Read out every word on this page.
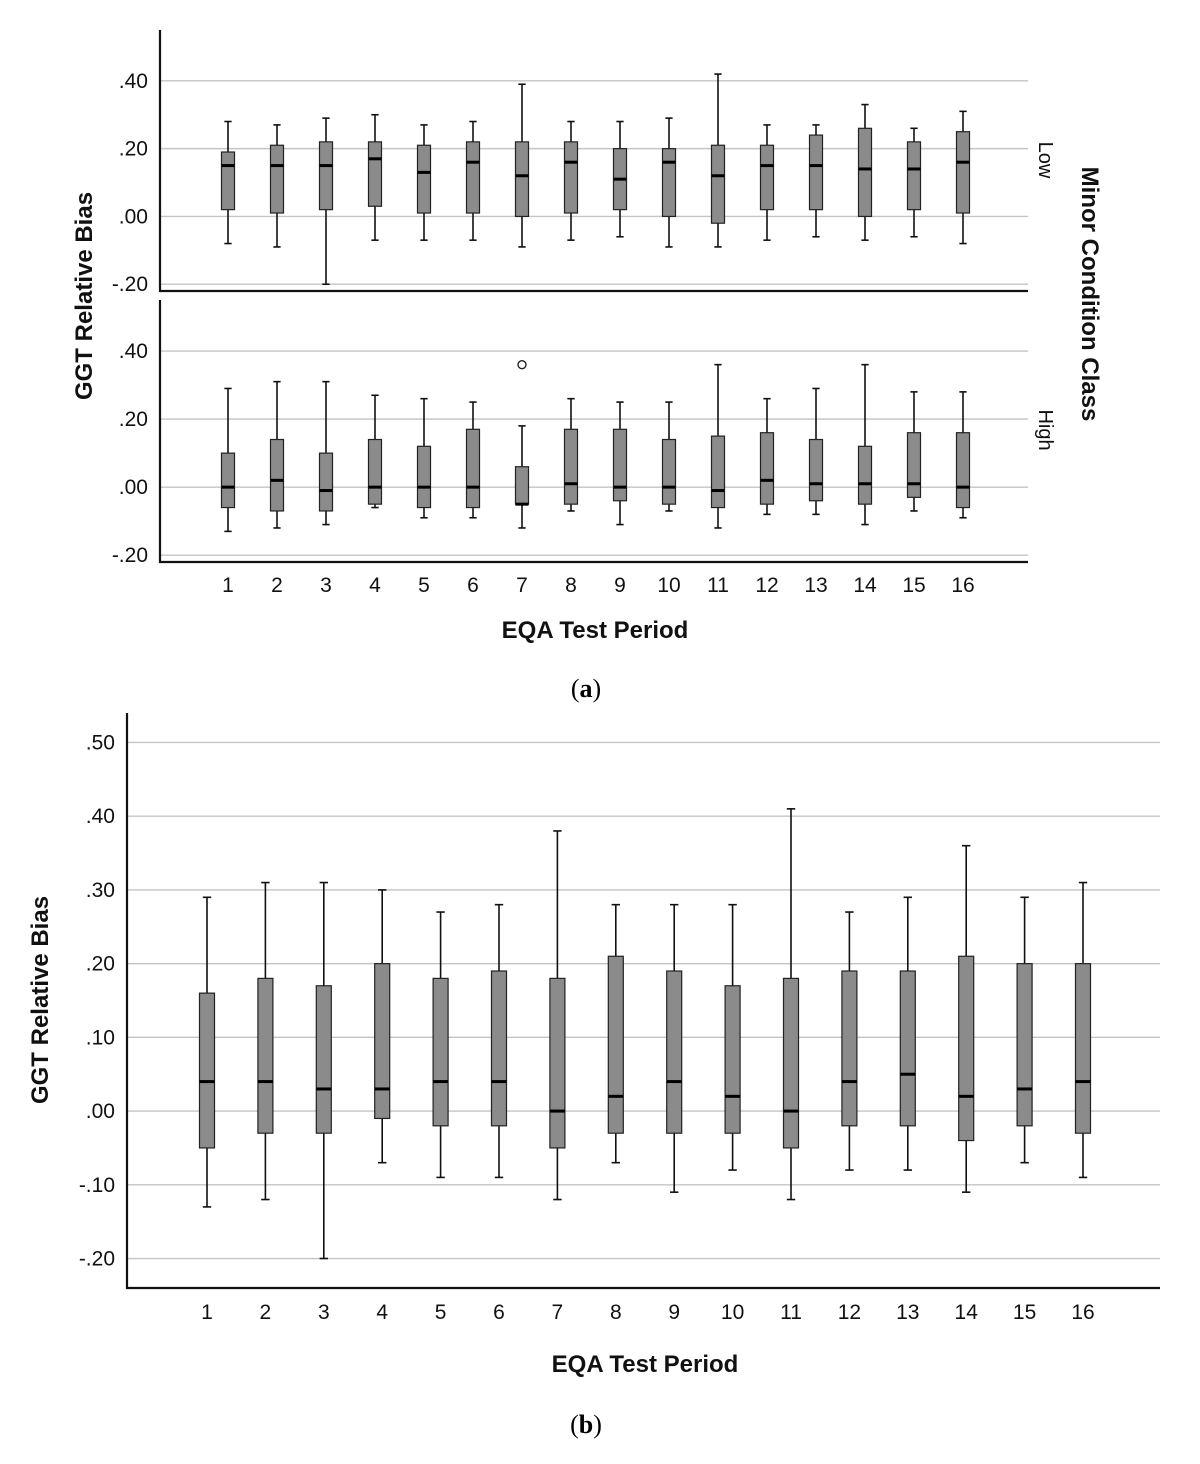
-.20
.00
.20
.40
-.20
.00
.20
.40
1 2 3 4 5 6 7 8 9 10 11 12 13 14 15 16
EQA Test Period
GGT Relative Bias
Low
High
Minor Condition Class
(a)
-.20
-.10
.00
.10
.20
.30
.40
.50
1 2 3 4 5 6 7 8 9 10 11 12 13 14 15 16
EQA Test Period
GGT Relative Bias
(b)
